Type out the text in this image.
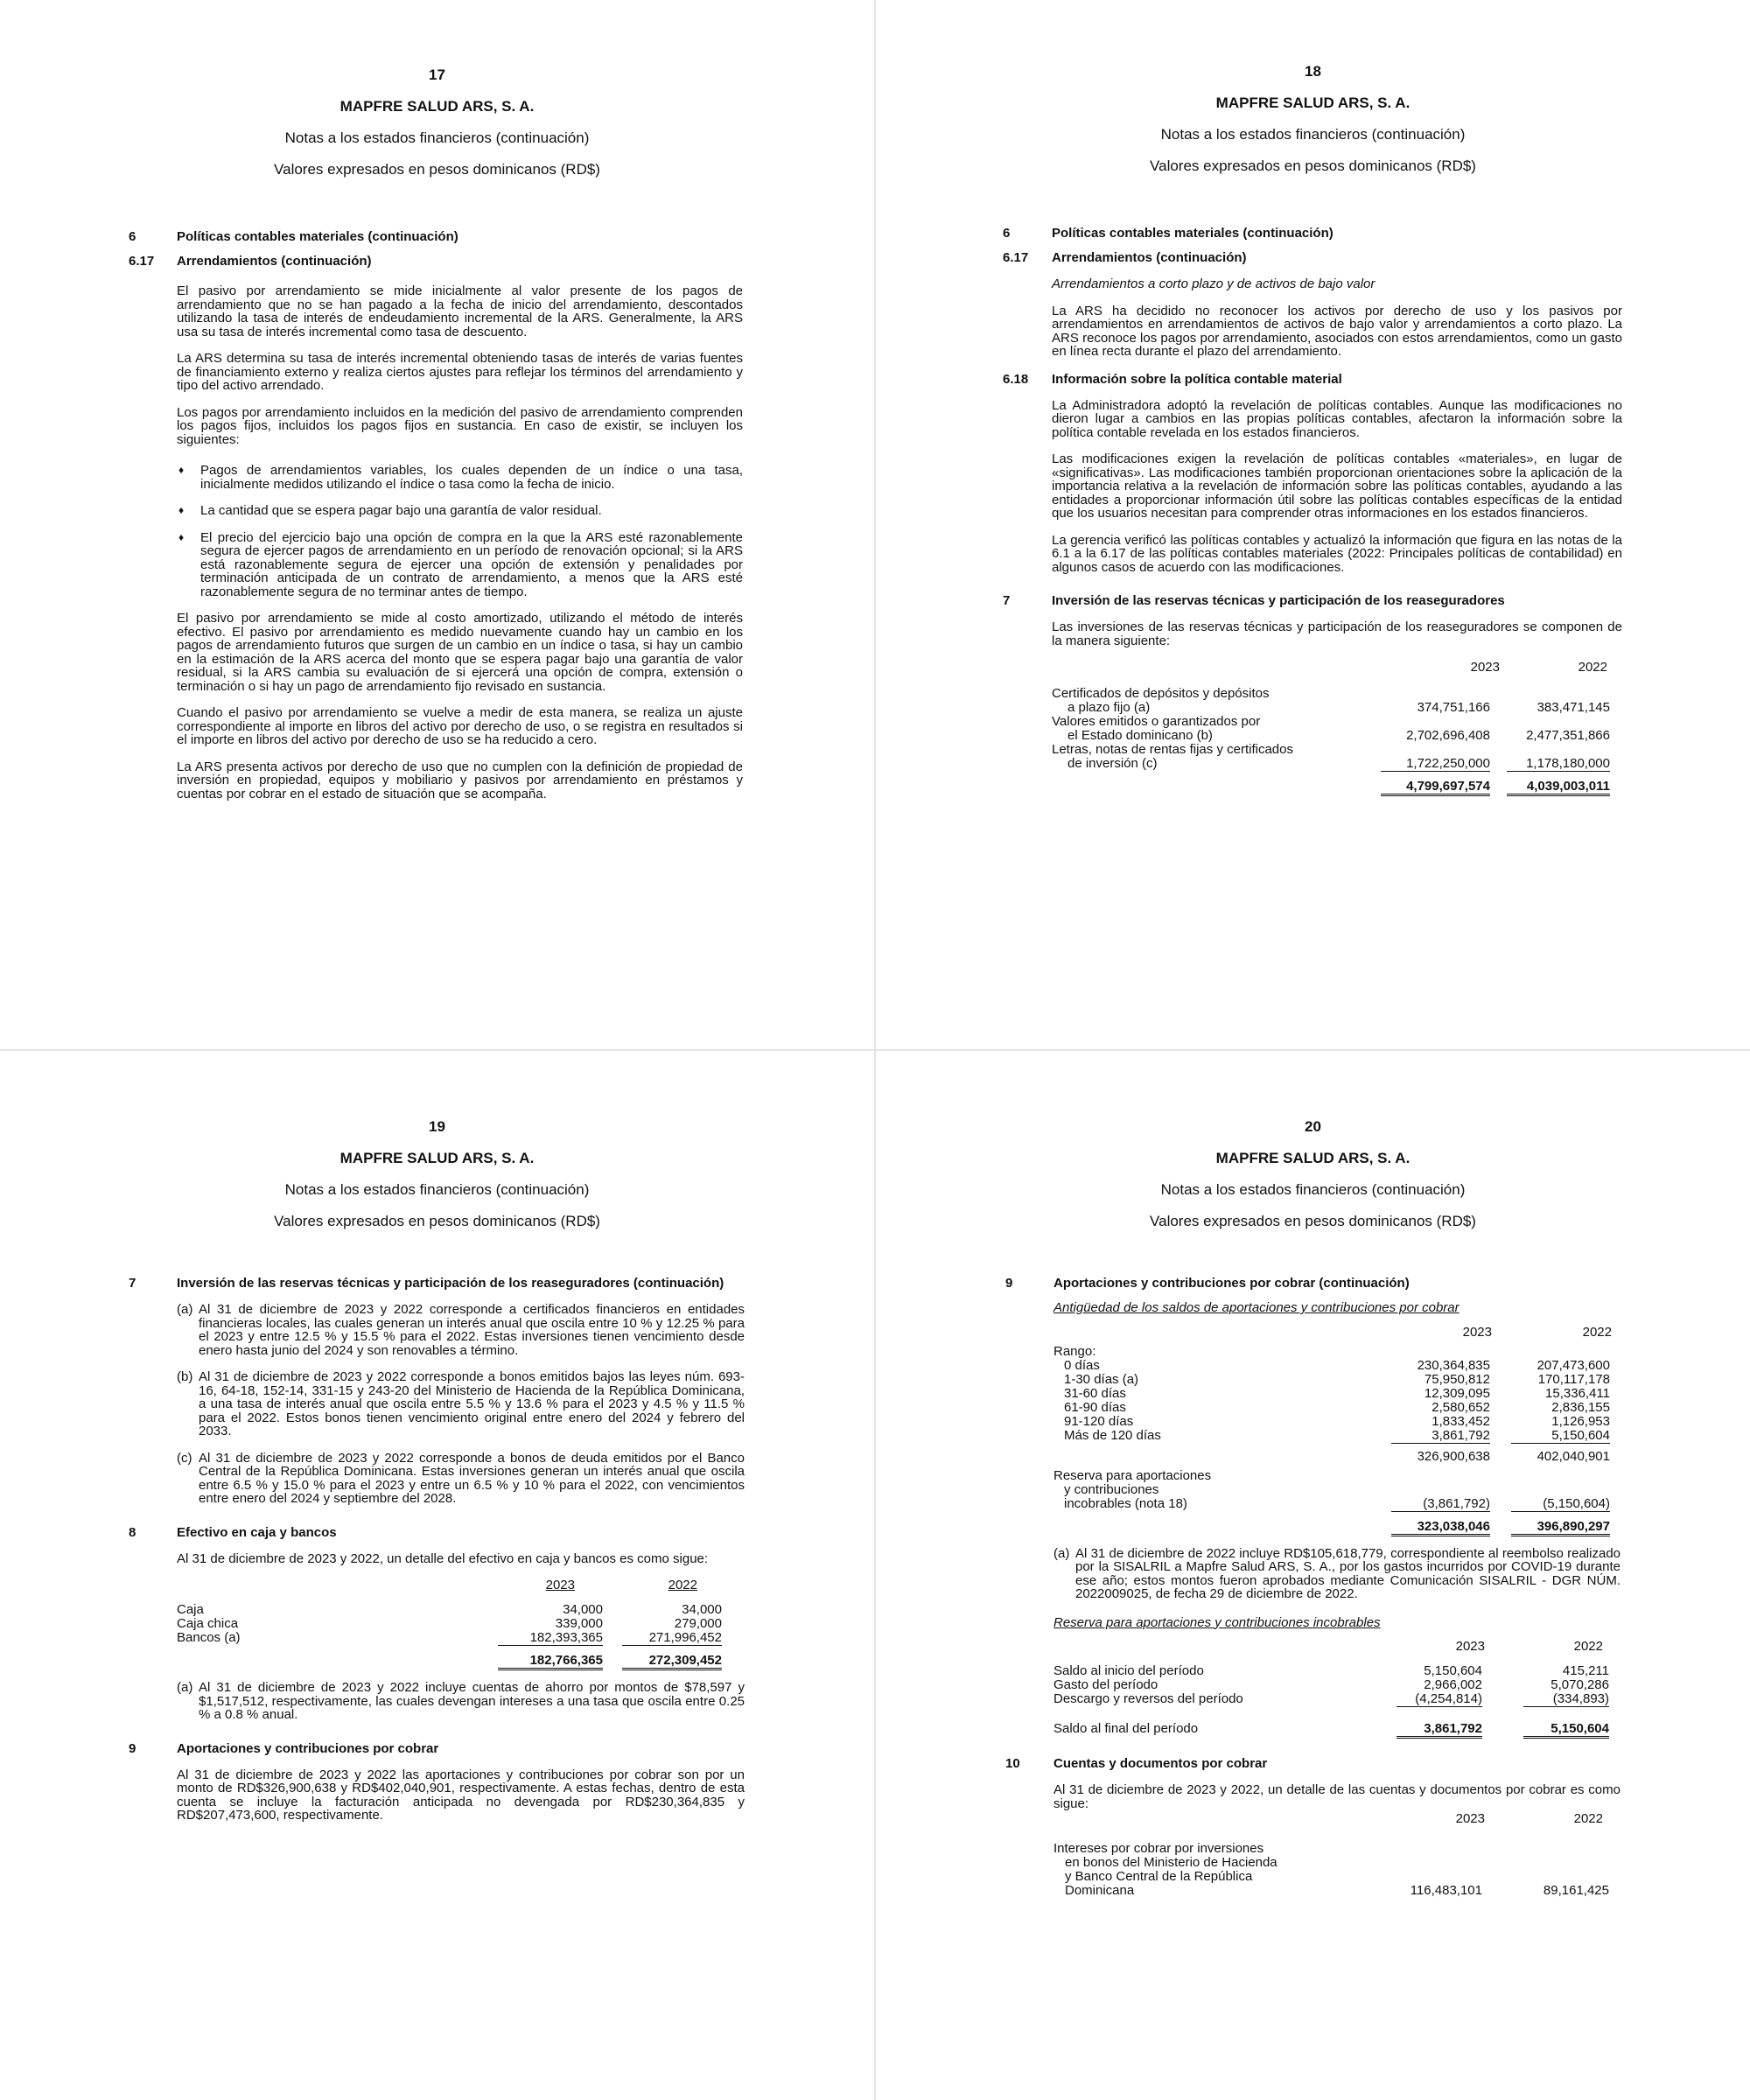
17
MAPFRE SALUD ARS, S. A.
Notas a los estados financieros (continuación)
Valores expresados en pesos dominicanos (RD$)
6	Políticas contables materiales (continuación)
6.17 Arrendamientos (continuación)
El pasivo por arrendamiento se mide inicialmente al valor presente de los pagos de arrendamiento que no se han pagado a la fecha de inicio del arrendamiento, descontados utilizando la tasa de interés de endeudamiento incremental de la ARS. Generalmente, la ARS usa su tasa de interés incremental como tasa de descuento.
La ARS determina su tasa de interés incremental obteniendo tasas de interés de varias fuentes de financiamiento externo y realiza ciertos ajustes para reflejar los términos del arrendamiento y tipo del activo arrendado.
Los pagos por arrendamiento incluidos en la medición del pasivo de arrendamiento comprenden los pagos fijos, incluidos los pagos fijos en sustancia. En caso de existir, se incluyen los siguientes:
♦ Pagos de arrendamientos variables, los cuales dependen de un índice o una tasa, inicialmente medidos utilizando el índice o tasa como la fecha de inicio.
♦ La cantidad que se espera pagar bajo una garantía de valor residual.
♦ El precio del ejercicio bajo una opción de compra en la que la ARS esté razonablemente segura de ejercer pagos de arrendamiento en un período de renovación opcional; si la ARS está razonablemente segura de ejercer una opción de extensión y penalidades por terminación anticipada de un contrato de arrendamiento, a menos que la ARS esté razonablemente segura de no terminar antes de tiempo.
El pasivo por arrendamiento se mide al costo amortizado, utilizando el método de interés efectivo. El pasivo por arrendamiento es medido nuevamente cuando hay un cambio en los pagos de arrendamiento futuros que surgen de un cambio en un índice o tasa, si hay un cambio en la estimación de la ARS acerca del monto que se espera pagar bajo una garantía de valor residual, si la ARS cambia su evaluación de si ejercerá una opción de compra, extensión o terminación o si hay un pago de arrendamiento fijo revisado en sustancia.
Cuando el pasivo por arrendamiento se vuelve a medir de esta manera, se realiza un ajuste correspondiente al importe en libros del activo por derecho de uso, o se registra en resultados si el importe en libros del activo por derecho de uso se ha reducido a cero.
La ARS presenta activos por derecho de uso que no cumplen con la definición de propiedad de inversión en propiedad, equipos y mobiliario y pasivos por arrendamiento en préstamos y cuentas por cobrar en el estado de situación que se acompaña.
18
MAPFRE SALUD ARS, S. A.
Notas a los estados financieros (continuación)
Valores expresados en pesos dominicanos (RD$)
6	Políticas contables materiales (continuación)
6.17 Arrendamientos (continuación)
Arrendamientos a corto plazo y de activos de bajo valor
La ARS ha decidido no reconocer los activos por derecho de uso y los pasivos por arrendamientos en arrendamientos de activos de bajo valor y arrendamientos a corto plazo. La ARS reconoce los pagos por arrendamiento, asociados con estos arrendamientos, como un gasto en línea recta durante el plazo del arrendamiento.
6.18 Información sobre la política contable material
La Administradora adoptó la revelación de políticas contables. Aunque las modificaciones no dieron lugar a cambios en las propias políticas contables, afectaron la información sobre la política contable revelada en los estados financieros.
Las modificaciones exigen la revelación de políticas contables «materiales», en lugar de «significativas». Las modificaciones también proporcionan orientaciones sobre la aplicación de la importancia relativa a la revelación de información sobre las políticas contables, ayudando a las entidades a proporcionar información útil sobre las políticas contables específicas de la entidad que los usuarios necesitan para comprender otras informaciones en los estados financieros.
La gerencia verificó las políticas contables y actualizó la información que figura en las notas de la 6.1 a la 6.17 de las políticas contables materiales (2022: Principales políticas de contabilidad) en algunos casos de acuerdo con las modificaciones.
7	Inversión de las reservas técnicas y participación de los reaseguradores
Las inversiones de las reservas técnicas y participación de los reaseguradores se componen de la manera siguiente:
2023	2022
Certificados de depósitos y depósitos
a plazo fijo (a)	374,751,166	383,471,145
Valores emitidos o garantizados por
el Estado dominicano (b)	2,702,696,408	2,477,351,866
Letras, notas de rentas fijas y certificados
de inversión (c)	1,722,250,000	1,178,180,000
4,799,697,574	4,039,003,011
19
MAPFRE SALUD ARS, S. A.
Notas a los estados financieros (continuación)
Valores expresados en pesos dominicanos (RD$)
7	Inversión de las reservas técnicas y participación de los reaseguradores (continuación)
(a) Al 31 de diciembre de 2023 y 2022 corresponde a certificados financieros en entidades financieras locales, las cuales generan un interés anual que oscila entre 10 % y 12.25 % para el 2023 y entre 12.5 % y 15.5 % para el 2022. Estas inversiones tienen vencimiento desde enero hasta junio del 2024 y son renovables a término.
(b) Al 31 de diciembre de 2023 y 2022 corresponde a bonos emitidos bajos las leyes núm. 693-16, 64-18, 152-14, 331-15 y 243-20 del Ministerio de Hacienda de la República Dominicana, a una tasa de interés anual que oscila entre 5.5 % y 13.6 % para el 2023 y 4.5 % y 11.5 % para el 2022. Estos bonos tienen vencimiento original entre enero del 2024 y febrero del 2033.
(c) Al 31 de diciembre de 2023 y 2022 corresponde a bonos de deuda emitidos por el Banco Central de la República Dominicana. Estas inversiones generan un interés anual que oscila entre 6.5 % y 15.0 % para el 2023 y entre un 6.5 % y 10 % para el 2022, con vencimientos entre enero del 2024 y septiembre del 2028.
8	Efectivo en caja y bancos
Al 31 de diciembre de 2023 y 2022, un detalle del efectivo en caja y bancos es como sigue:
2023	2022
Caja	34,000	34,000
Caja chica	339,000	279,000
Bancos (a)	182,393,365	271,996,452
182,766,365	272,309,452
(a) Al 31 de diciembre de 2023 y 2022 incluye cuentas de ahorro por montos de $78,597 y $1,517,512, respectivamente, las cuales devengan intereses a una tasa que oscila entre 0.25 % a 0.8 % anual.
9	Aportaciones y contribuciones por cobrar
Al 31 de diciembre de 2023 y 2022 las aportaciones y contribuciones por cobrar son por un monto de RD$326,900,638 y RD$402,040,901, respectivamente. A estas fechas, dentro de esta cuenta se incluye la facturación anticipada no devengada por RD$230,364,835 y RD$207,473,600, respectivamente.
20
MAPFRE SALUD ARS, S. A.
Notas a los estados financieros (continuación)
Valores expresados en pesos dominicanos (RD$)
9	Aportaciones y contribuciones por cobrar (continuación)
Antigüedad de los saldos de aportaciones y contribuciones por cobrar
2023	2022
Rango:
0 días	230,364,835	207,473,600
1-30 días (a)	75,950,812	170,117,178
31-60 días	12,309,095	15,336,411
61-90 días	2,580,652	2,836,155
91-120 días	1,833,452	1,126,953
Más de 120 días	3,861,792	5,150,604
326,900,638	402,040,901
Reserva para aportaciones
y contribuciones
incobrables (nota 18)	(3,861,792)	(5,150,604)
323,038,046	396,890,297
(a) Al 31 de diciembre de 2022 incluye RD$105,618,779, correspondiente al reembolso realizado por la SISALRIL a Mapfre Salud ARS, S. A., por los gastos incurridos por COVID-19 durante ese año; estos montos fueron aprobados mediante Comunicación SISALRIL - DGR NÚM. 2022009025, de fecha 29 de diciembre de 2022.
Reserva para aportaciones y contribuciones incobrables
2023	2022
Saldo al inicio del período	5,150,604	415,211
Gasto del período	2,966,002	5,070,286
Descargo y reversos del período	(4,254,814)	(334,893)
Saldo al final del período	3,861,792	5,150,604
10	Cuentas y documentos por cobrar
Al 31 de diciembre de 2023 y 2022, un detalle de las cuentas y documentos por cobrar es como sigue:
2023	2022
Intereses por cobrar por inversiones
en bonos del Ministerio de Hacienda
y Banco Central de la República
Dominicana	116,483,101	89,161,425
